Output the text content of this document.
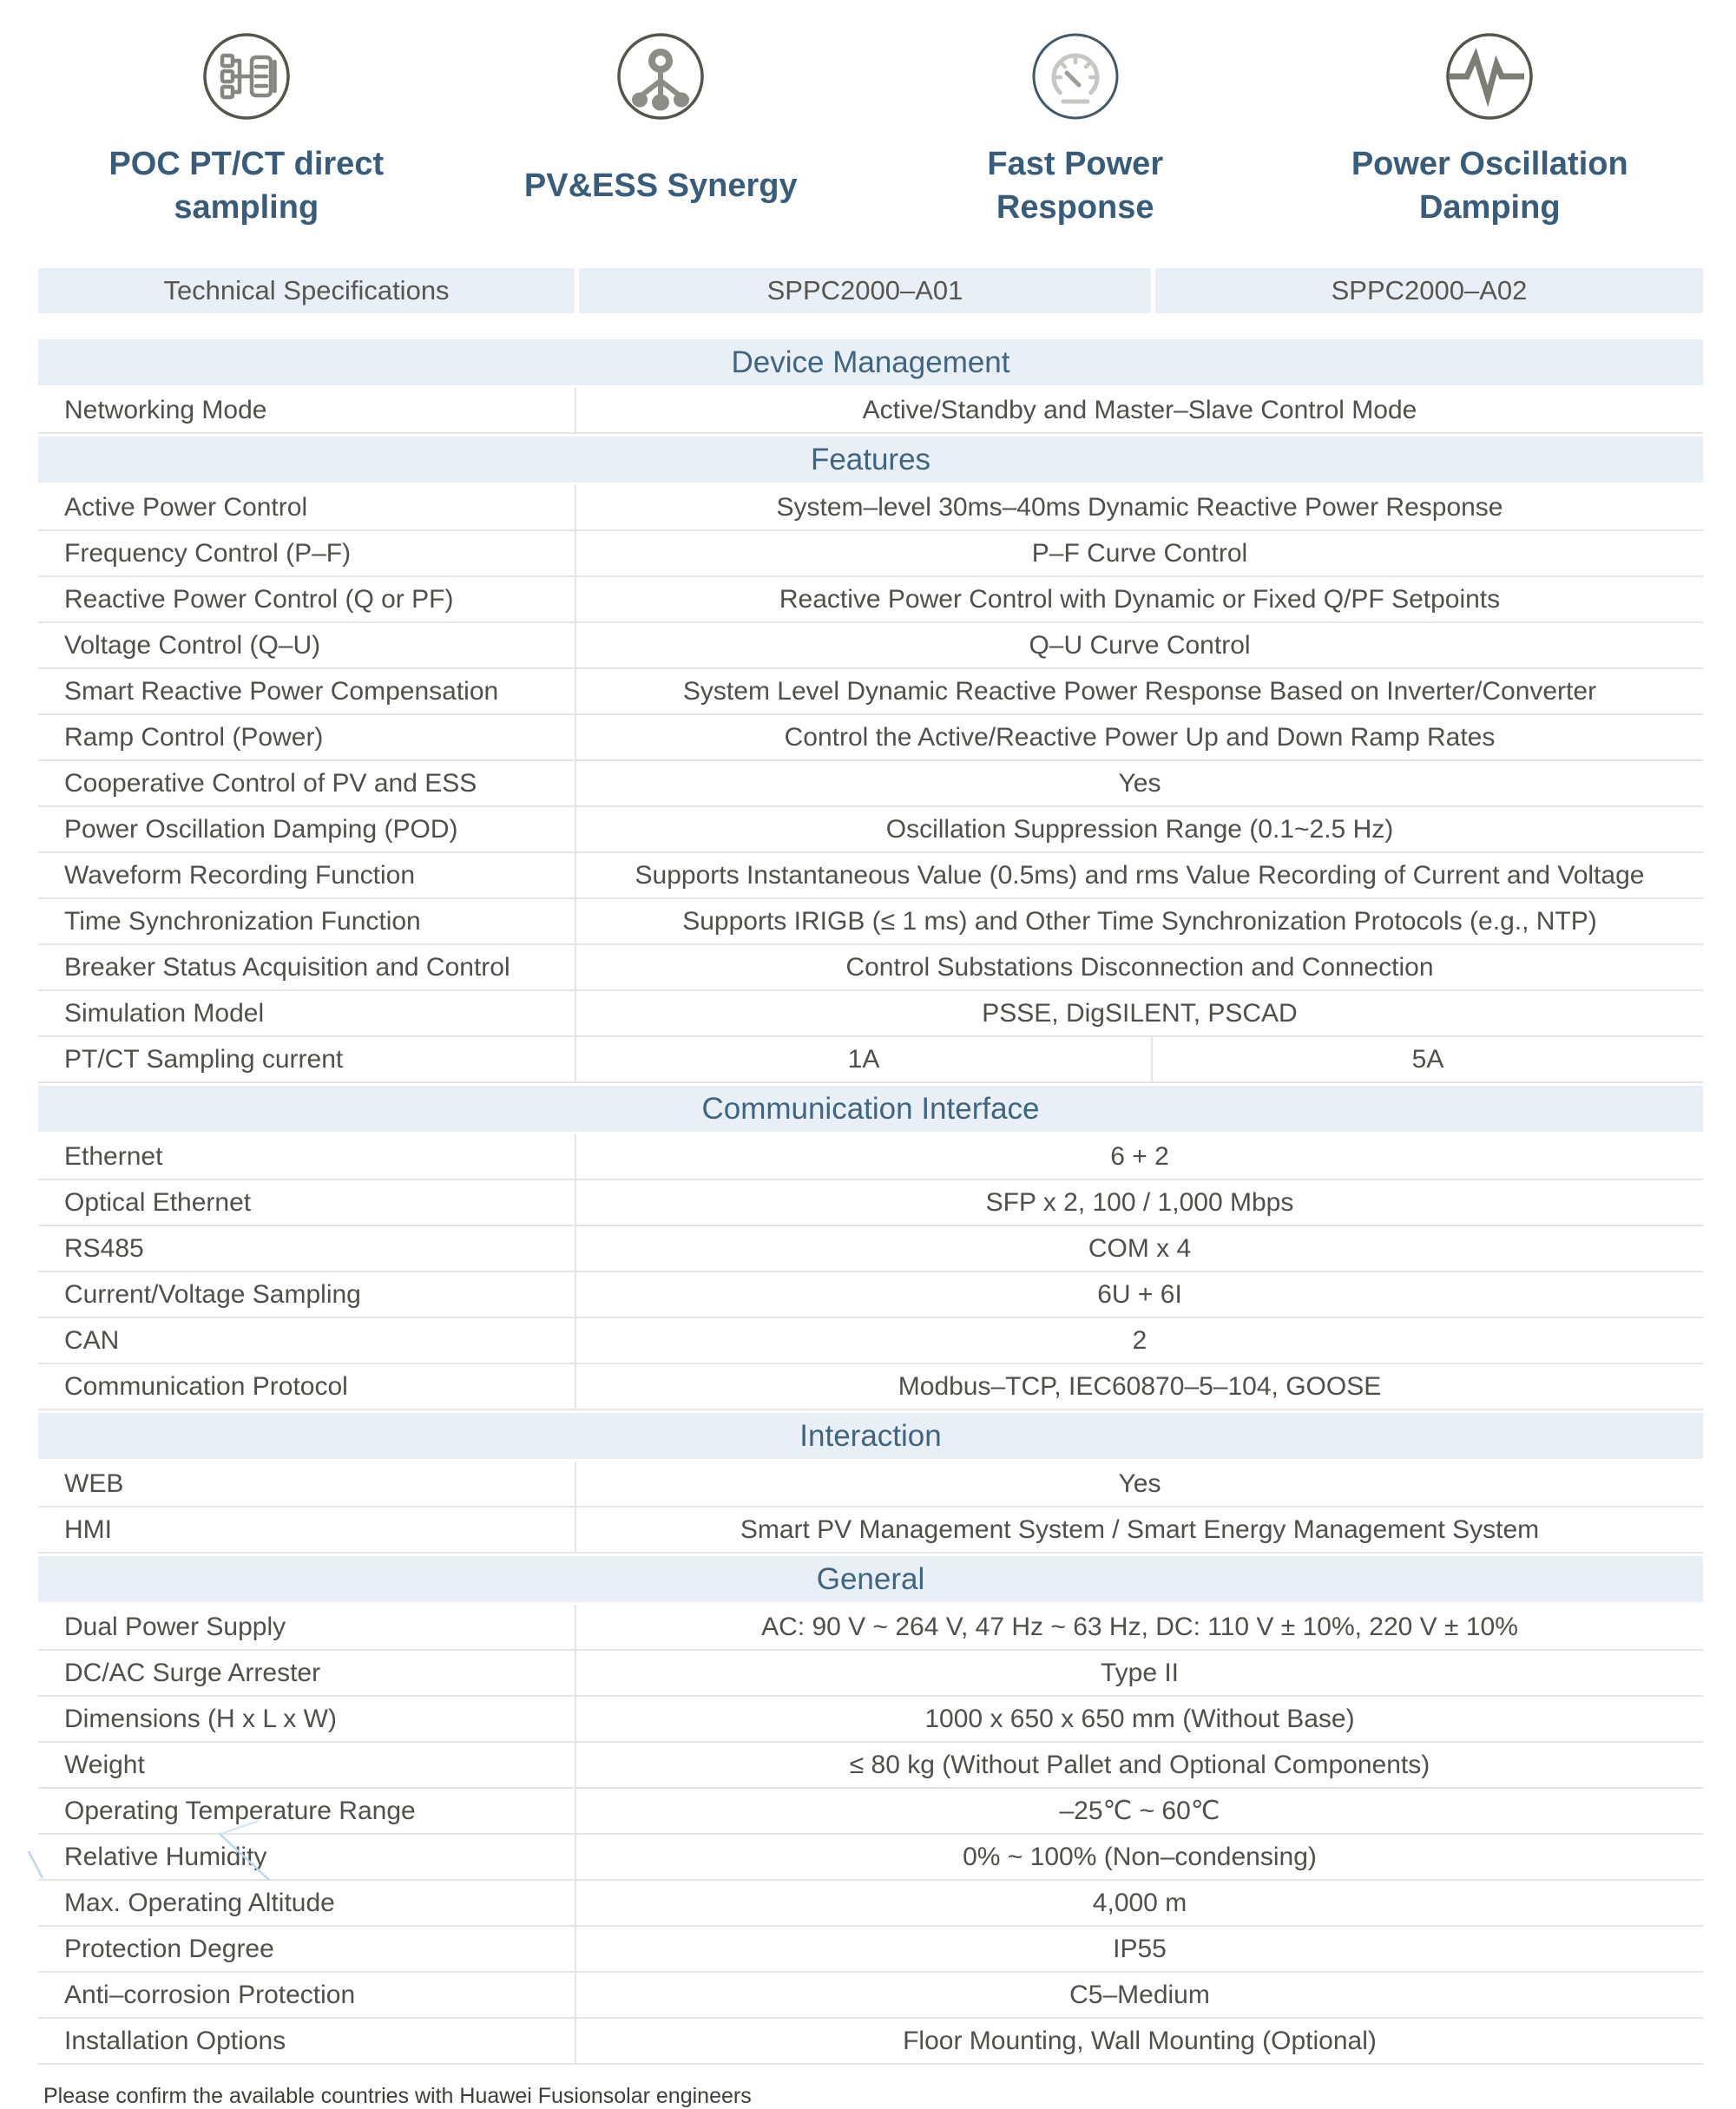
POC PT/CT direct
sampling
PV&ESS Synergy
Fast Power
Response
Power Oscillation
Damping
Technical Specifications	SPPC2000–A01	SPPC2000–A02
Device Management
Networking Mode	Active/Standby and Master–Slave Control Mode
Features
Active Power Control	System–level 30ms–40ms Dynamic Reactive Power Response
Frequency Control (P–F)	P–F Curve Control
Reactive Power Control (Q or PF)	Reactive Power Control with Dynamic or Fixed Q/PF Setpoints
Voltage Control (Q–U)	Q–U Curve Control
Smart Reactive Power Compensation	System Level Dynamic Reactive Power Response Based on Inverter/Converter
Ramp Control (Power)	Control the Active/Reactive Power Up and Down Ramp Rates
Cooperative Control of PV and ESS	Yes
Power Oscillation Damping (POD)	Oscillation Suppression Range (0.1~2.5 Hz)
Waveform Recording Function	Supports Instantaneous Value (0.5ms) and rms Value Recording of Current and Voltage
Time Synchronization Function	Supports IRIGB (≤ 1 ms) and Other Time Synchronization Protocols (e.g., NTP)
Breaker Status Acquisition and Control	Control Substations Disconnection and Connection
Simulation Model	PSSE, DigSILENT, PSCAD
PT/CT Sampling current	1A	5A
Communication Interface
Ethernet	6 + 2
Optical Ethernet	SFP x 2, 100 / 1,000 Mbps
RS485	COM x 4
Current/Voltage Sampling	6U + 6I
CAN	2
Communication Protocol	Modbus–TCP, IEC60870–5–104, GOOSE
Interaction
WEB	Yes
HMI	Smart PV Management System / Smart Energy Management System
General
Dual Power Supply	AC: 90 V ~ 264 V, 47 Hz ~ 63 Hz, DC: 110 V ± 10%, 220 V ± 10%
DC/AC Surge Arrester	Type II
Dimensions (H x L x W)	1000 x 650 x 650 mm (Without Base)
Weight	≤ 80 kg (Without Pallet and Optional Components)
Operating Temperature Range	–25℃ ~ 60℃
Relative Humidity	0% ~ 100% (Non–condensing)
Max. Operating Altitude	4,000 m
Protection Degree	IP55
Anti–corrosion Protection	C5–Medium
Installation Options	Floor Mounting, Wall Mounting (Optional)
Please confirm the available countries with Huawei Fusionsolar engineers
